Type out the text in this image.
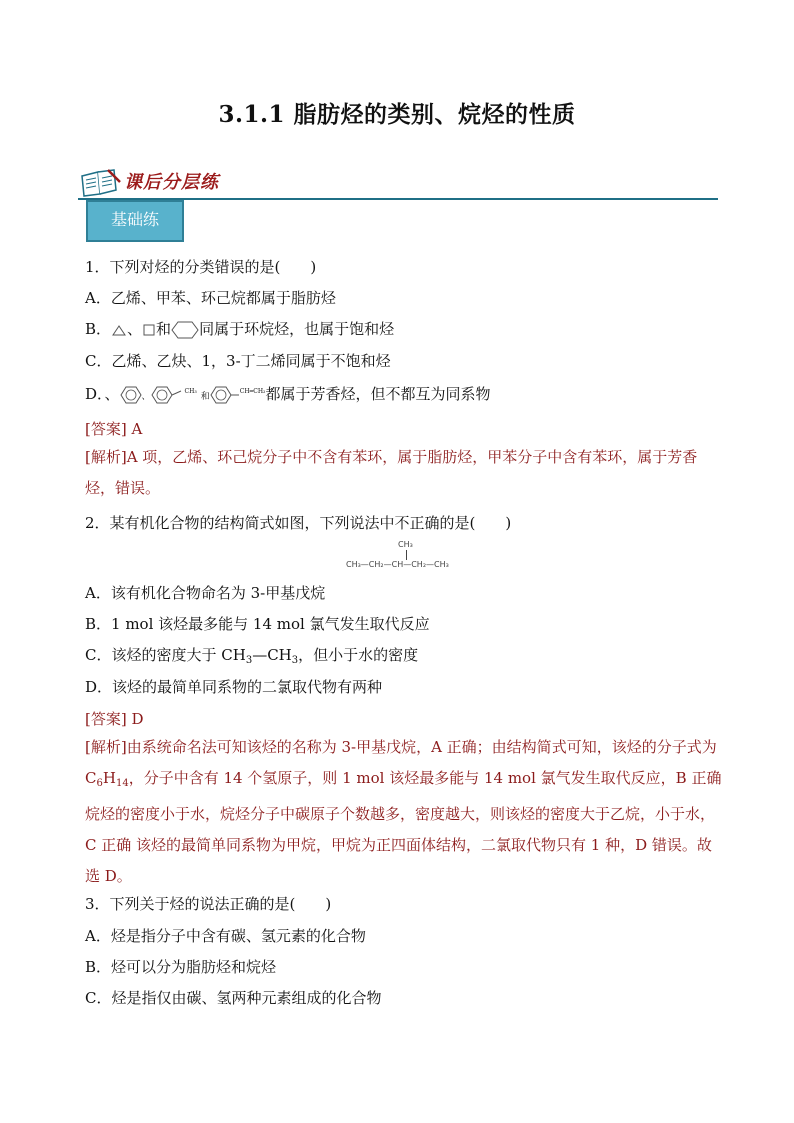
3.1.1 脂肪烃的类别、烷烃的性质
课后分层练
基础练
1．下列对烃的分类错误的是(　　)
A．乙烯、甲苯、环己烷都属于脂肪烃
B． 、 和 同属于环烷烃，也属于饱和烃
C．乙烯、乙炔、1，3-丁二烯同属于不饱和烃
D．、 、$^{CH_3}$和$^{CH═CH_2}$都属于芳香烃，但不都互为同系物
[答案] A
[解析]A 项，乙烯、环己烷分子中不含有苯环，属于脂肪烃，甲苯分子中含有苯环，属于芳香烃，错误。
2．某有机化合物的结构简式如图，下列说法中不正确的是(　　)
CH₃
CH₃—CH₂—CH—CH₂—CH₃
A．该有机化合物命名为 3-甲基戊烷
B．1 mol 该烃最多能与 14 mol 氯气发生取代反应
C．该烃的密度大于 $CH_3—CH_3$，但小于水的密度
D．该烃的最简单同系物的二氯取代物有两种
[答案] D
[解析]由系统命名法可知该烃的名称为 3-甲基戊烷，A 正确；由结构简式可知，该烃的分子式为 $C_6H_{14}$，分子中含有 14 个氢原子，则 1 mol 该烃最多能与 14 mol 氯气发生取代反应，B 正确 烷烃的密度小于水，烷烃分子中碳原子个数越多，密度越大，则该烃的密度大于乙烷，小于水，C 正确 该烃的最简单同系物为甲烷，甲烷为正四面体结构，二氯取代物只有 1 种，D 错误。故选 D。
3．下列关于烃的说法正确的是(　　)
A．烃是指分子中含有碳、氢元素的化合物
B．烃可以分为脂肪烃和烷烃
C．烃是指仅由碳、氢两种元素组成的化合物
